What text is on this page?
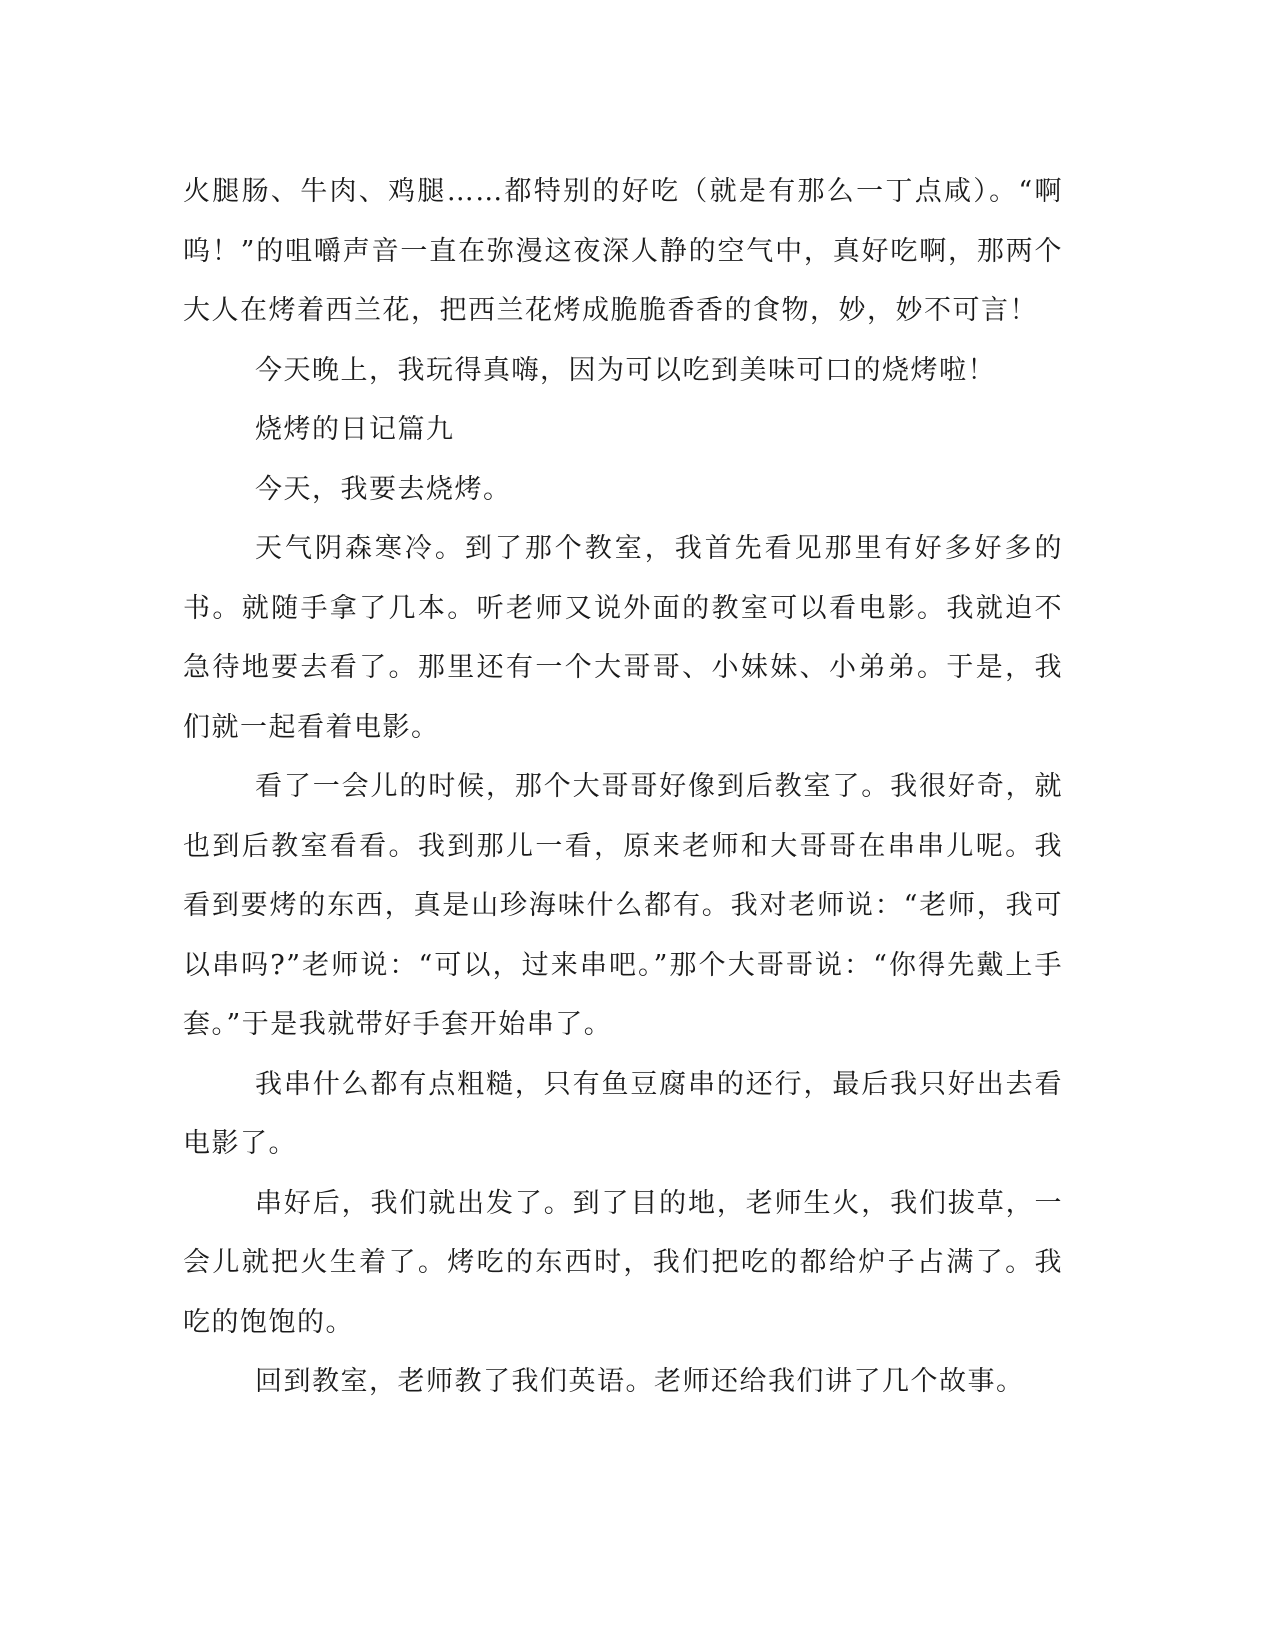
火腿肠、牛肉、鸡腿……都特别的好吃（就是有那么一丁点咸）。“啊呜！”的咀嚼声音一直在弥漫这夜深人静的空气中，真好吃啊，那两个大人在烤着西兰花，把西兰花烤成脆脆香香的食物，妙，妙不可言！

今天晚上，我玩得真嗨，因为可以吃到美味可口的烧烤啦！

烧烤的日记篇九

今天，我要去烧烤。

天气阴森寒冷。到了那个教室，我首先看见那里有好多好多的书。就随手拿了几本。听老师又说外面的教室可以看电影。我就迫不急待地要去看了。那里还有一个大哥哥、小妹妹、小弟弟。于是，我们就一起看着电影。

看了一会儿的时候，那个大哥哥好像到后教室了。我很好奇，就也到后教室看看。我到那儿一看，原来老师和大哥哥在串串儿呢。我看到要烤的东西，真是山珍海味什么都有。我对老师说：“老师，我可以串吗?”老师说：“可以，过来串吧。”那个大哥哥说：“你得先戴上手套。”于是我就带好手套开始串了。

我串什么都有点粗糙，只有鱼豆腐串的还行，最后我只好出去看电影了。

串好后，我们就出发了。到了目的地，老师生火，我们拔草，一会儿就把火生着了。烤吃的东西时，我们把吃的都给炉子占满了。我吃的饱饱的。

回到教室，老师教了我们英语。老师还给我们讲了几个故事。
